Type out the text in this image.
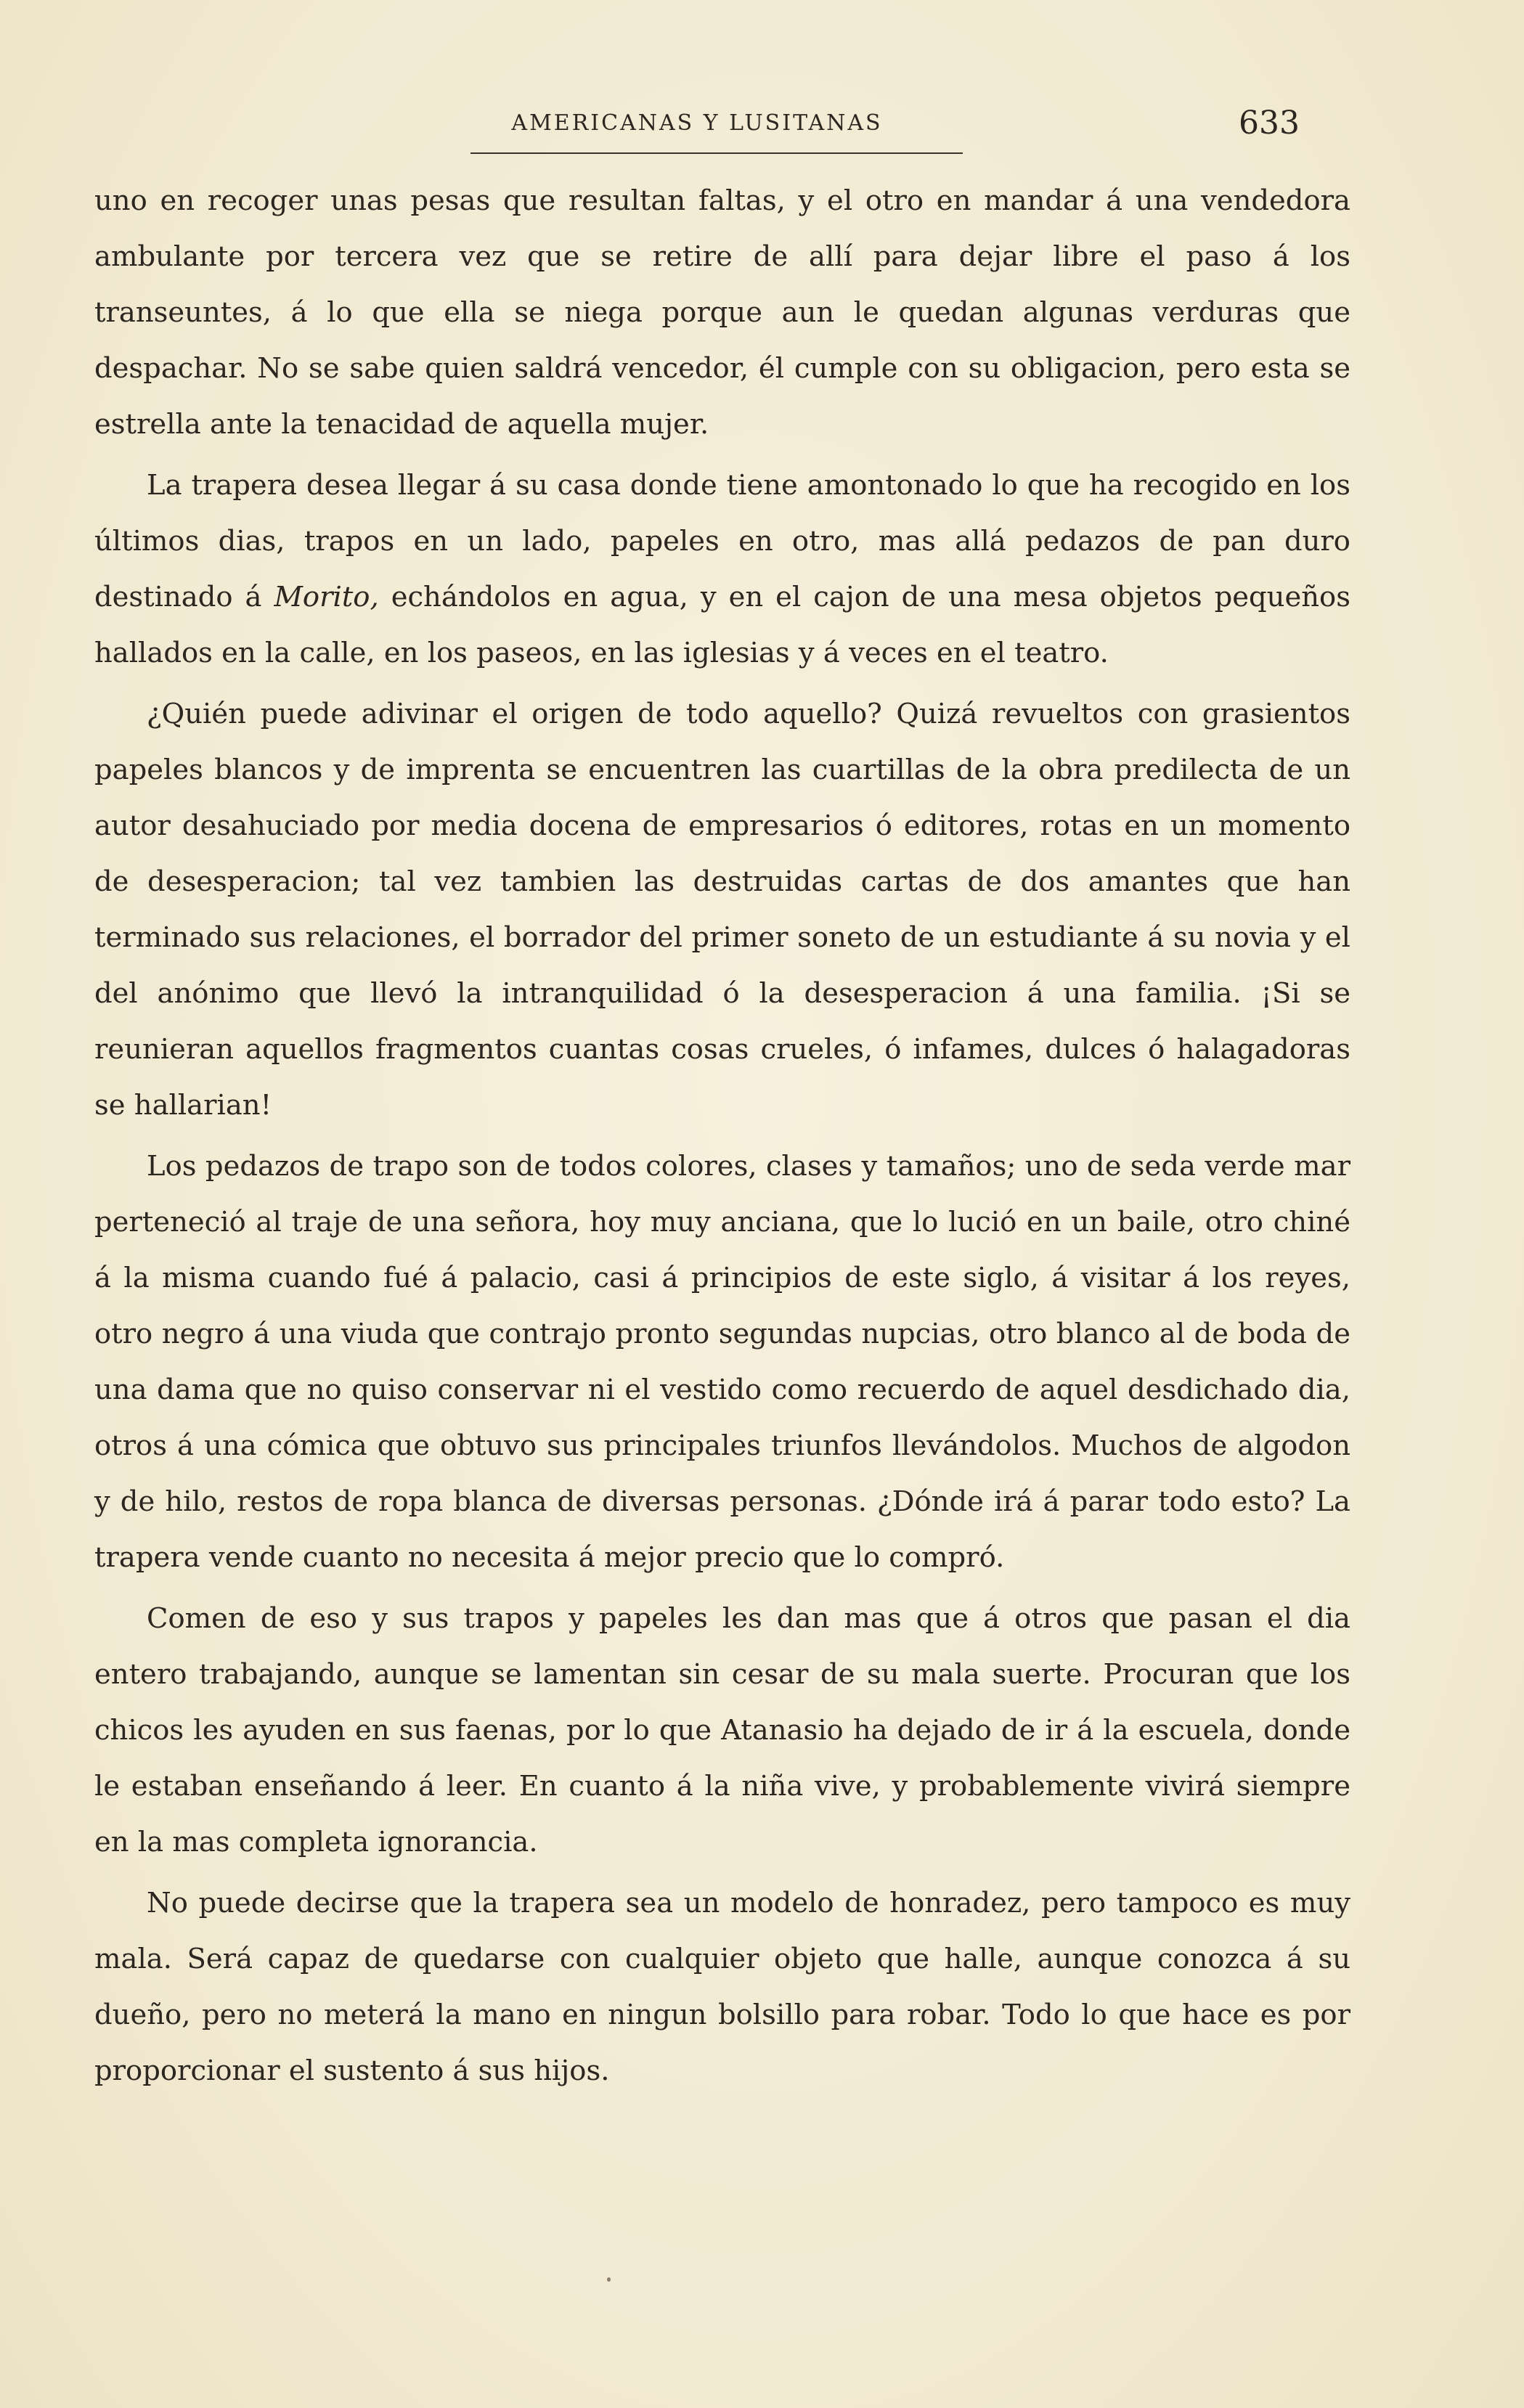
AMERICANAS Y LUSITANAS	633

uno en recoger unas pesas que resultan faltas, y el otro en mandar á una vendedora ambulante por tercera vez que se retire de allí para dejar libre el paso á los transeuntes, á lo que ella se niega porque aun le quedan algunas verduras que despachar. No se sabe quien saldrá vencedor, él cumple con su obligacion, pero esta se estrella ante la tenacidad de aquella mujer.

La trapera desea llegar á su casa donde tiene amontonado lo que ha recogido en los últimos dias, trapos en un lado, papeles en otro, mas allá pedazos de pan duro destinado á Morito, echándolos en agua, y en el cajon de una mesa objetos pequeños hallados en la calle, en los paseos, en las iglesias y á veces en el teatro.

¿Quién puede adivinar el origen de todo aquello? Quizá revueltos con grasientos papeles blancos y de imprenta se encuentren las cuartillas de la obra predilecta de un autor desahuciado por media docena de empresarios ó editores, rotas en un momento de desesperacion; tal vez tambien las destruidas cartas de dos amantes que han terminado sus relaciones, el borrador del primer soneto de un estudiante á su novia y el del anónimo que llevó la intranquilidad ó la desesperacion á una familia. ¡Si se reunieran aquellos fragmentos cuantas cosas crueles, ó infames, dulces ó halagadoras se hallarian!

Los pedazos de trapo son de todos colores, clases y tamaños; uno de seda verde mar perteneció al traje de una señora, hoy muy anciana, que lo lució en un baile, otro chiné á la misma cuando fué á palacio, casi á principios de este siglo, á visitar á los reyes, otro negro á una viuda que contrajo pronto segundas nupcias, otro blanco al de boda de una dama que no quiso conservar ni el vestido como recuerdo de aquel desdichado dia, otros á una cómica que obtuvo sus principales triunfos llevándolos. Muchos de algodon y de hilo, restos de ropa blanca de diversas personas. ¿Dónde irá á parar todo esto? La trapera vende cuanto no necesita á mejor precio que lo compró.

Comen de eso y sus trapos y papeles les dan mas que á otros que pasan el dia entero trabajando, aunque se lamentan sin cesar de su mala suerte. Procuran que los chicos les ayuden en sus faenas, por lo que Atanasio ha dejado de ir á la escuela, donde le estaban enseñando á leer. En cuanto á la niña vive, y probablemente vivirá siempre en la mas completa ignorancia.

No puede decirse que la trapera sea un modelo de honradez, pero tampoco es muy mala. Será capaz de quedarse con cualquier objeto que halle, aunque conozca á su dueño, pero no meterá la mano en ningun bolsillo para robar. Todo lo que hace es por proporcionar el sustento á sus hijos.
